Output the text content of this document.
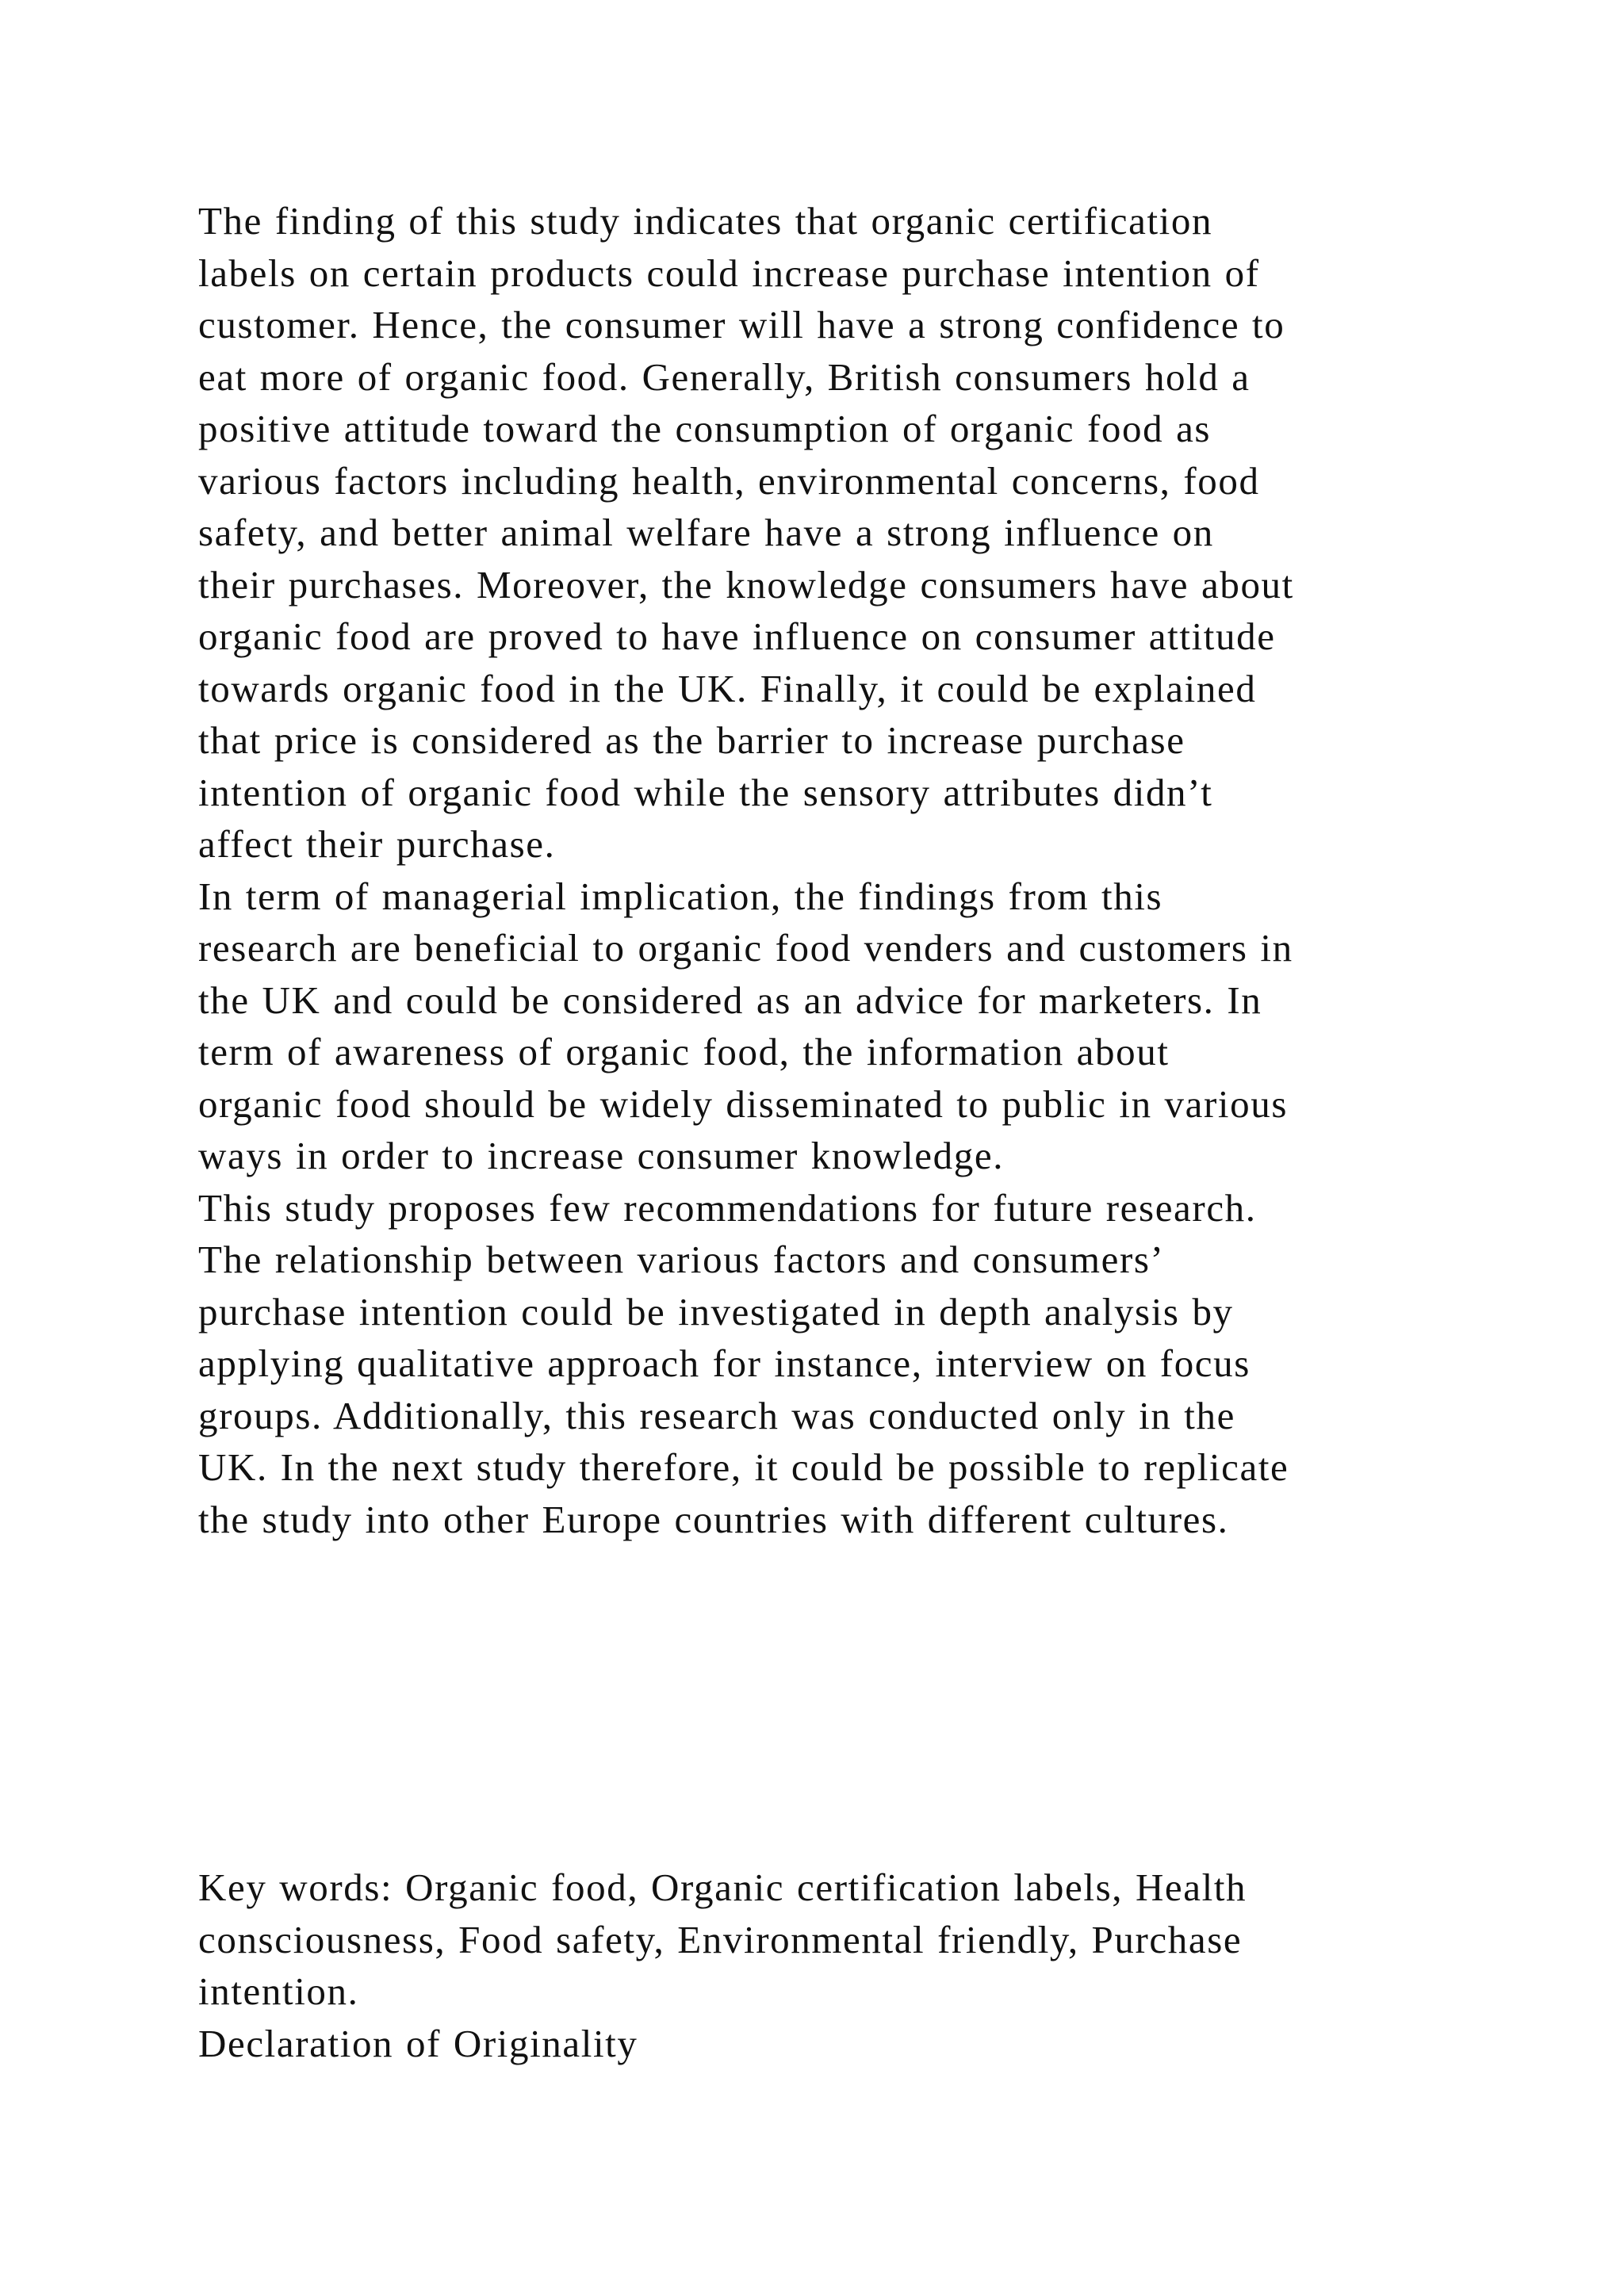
The finding of this study indicates that organic certification
labels on certain products could increase purchase intention of
customer. Hence, the consumer will have a strong confidence to
eat more of organic food. Generally, British consumers hold a
positive attitude toward the consumption of organic food as
various factors including health, environmental concerns, food
safety, and better animal welfare have a strong influence on
their purchases. Moreover, the knowledge consumers have about
organic food are proved to have influence on consumer attitude
towards organic food in the UK. Finally, it could be explained
that price is considered as the barrier to increase purchase
intention of organic food while the sensory attributes didn’t
affect their purchase.
In term of managerial implication, the findings from this
research are beneficial to organic food venders and customers in
the UK and could be considered as an advice for marketers. In
term of awareness of organic food, the information about
organic food should be widely disseminated to public in various
ways in order to increase consumer knowledge.
This study proposes few recommendations for future research.
The relationship between various factors and consumers’
purchase intention could be investigated in depth analysis by
applying qualitative approach for instance, interview on focus
groups. Additionally, this research was conducted only in the
UK. In the next study therefore, it could be possible to replicate
the study into other Europe countries with different cultures.
Key words: Organic food, Organic certification labels, Health
consciousness, Food safety, Environmental friendly, Purchase
intention.
Declaration of Originality
